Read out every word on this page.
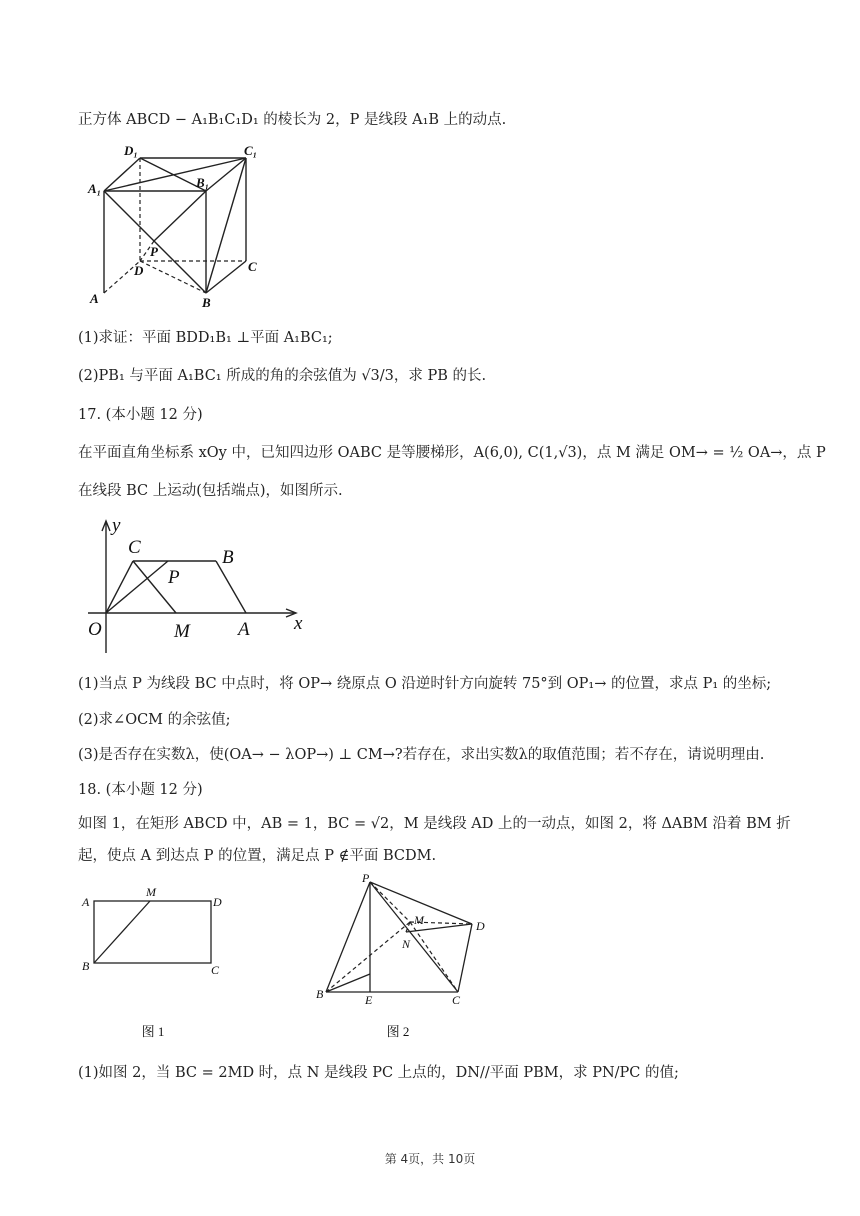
正方体 ABCD − A₁B₁C₁D₁ 的棱长为 2，P 是线段 A₁B 上的动点.
D₁	C₁
A₁	B₁
P
D	C
A	B
(1)求证：平面 BDD₁B₁ ⊥平面 A₁BC₁;
(2)PB₁ 与平面 A₁BC₁ 所成的角的余弦值为 √3/3，求 PB 的长.
17. (本小题 12 分)
在平面直角坐标系 xOy 中，已知四边形 OABC 是等腰梯形，A(6,0), C(1,√3)，点 M 满足 OM→ = ½ OA→，点 P
在线段 BC 上运动(包括端点)，如图所示.
y
C	B
P
O	M	A x
(1)当点 P 为线段 BC 中点时，将 OP→ 绕原点 O 沿逆时针方向旋转 75°到 OP₁→ 的位置，求点 P₁ 的坐标;
(2)求∠OCM 的余弦值;
(3)是否存在实数λ，使(OA→ − λOP→) ⊥ CM→?若存在，求出实数λ的取值范围；若不存在，请说明理由.
18. (本小题 12 分)
如图 1，在矩形 ABCD 中，AB = 1，BC = √2，M 是线段 AD 上的一动点，如图 2，将 ΔABM 沿着 BM 折
起，使点 A 到达点 P 的位置，满足点 P ∉平面 BCDM.
A
M
D
B	C
图 1
P
M	D
N
B	E	C
图 2
(1)如图 2，当 BC = 2MD 时，点 N 是线段 PC 上点的，DN//平面 PBM，求 PN/PC 的值;
第 4页，共 10页
